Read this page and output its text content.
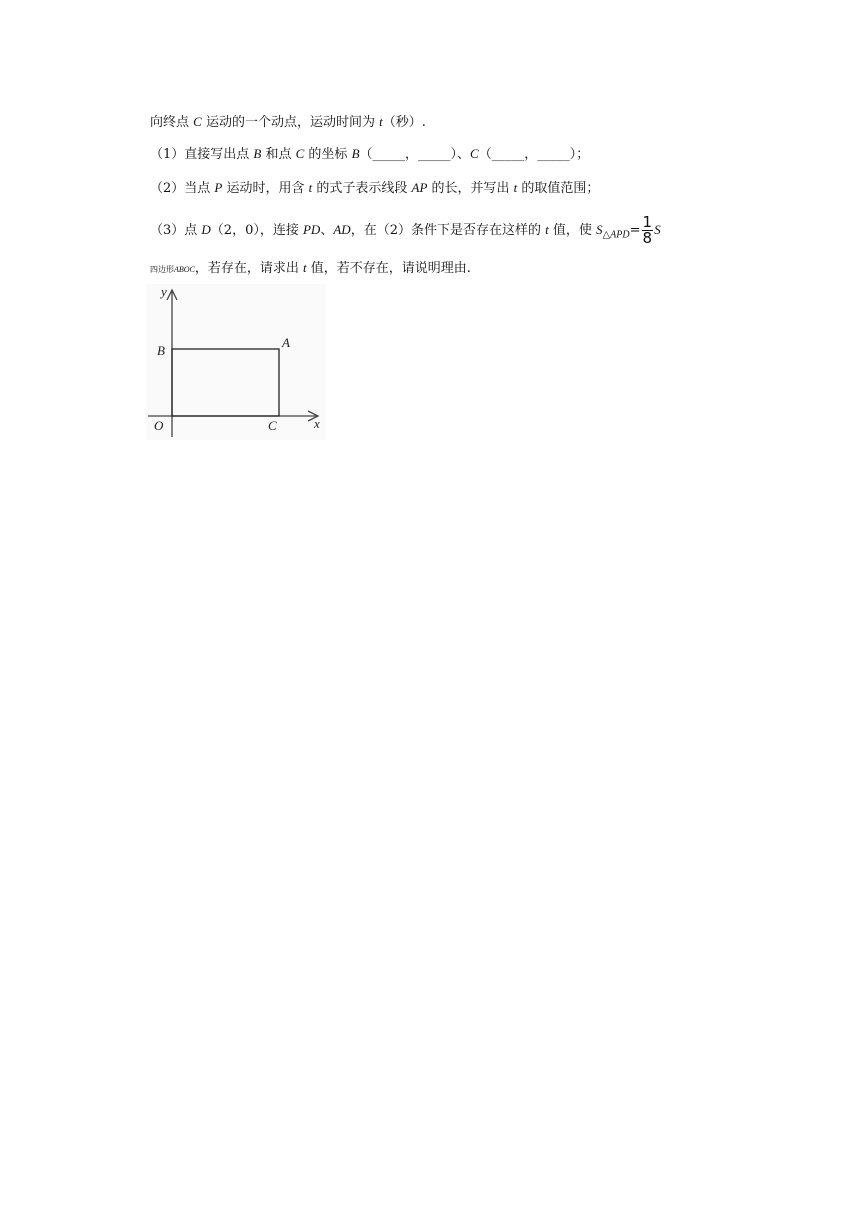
向终点 C 运动的一个动点，运动时间为 t（秒）.
（1）直接写出点 B 和点 C 的坐标 B（_____，_____）、C（_____，_____）；
（2）当点 P 运动时，用含 t 的式子表示线段 AP 的长，并写出 t 的取值范围；
（3）点 D（2，0），连接 PD、AD，在（2）条件下是否存在这样的 t 值，使 $S_{\triangle APD}= \frac{1}{8}$ S
四边形ABOC，若存在，请求出 t 值，若不存在，请说明理由.
y
x
B
A
O	C
